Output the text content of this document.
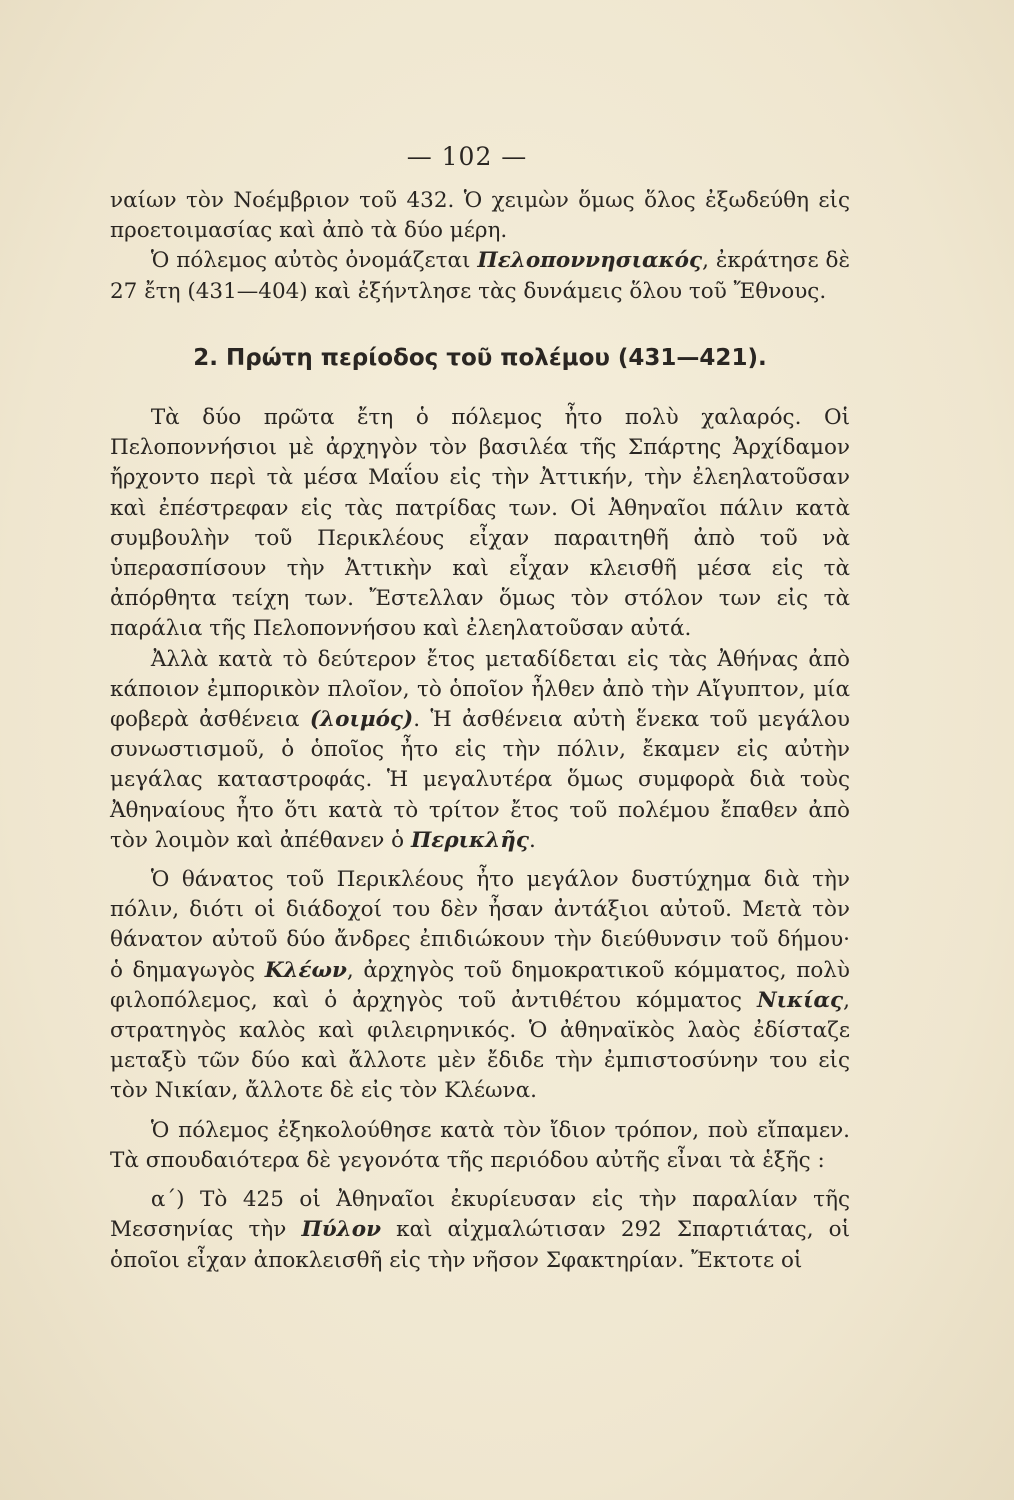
— 102 —

ναίων τὸν Νοέμβριον τοῦ 432. Ὁ χειμὼν ὅμως ὅλος ἐξωδεύθη εἰς προετοιμασίας καὶ ἀπὸ τὰ δύο μέρη.

Ὁ πόλεμος αὐτὸς ὀνομάζεται Πελοποννησιακός, ἐκράτησε δὲ 27 ἔτη (431—404) καὶ ἐξήντλησε τὰς δυνάμεις ὅλου τοῦ Ἔθνους.

2. Πρώτη περίοδος τοῦ πολέμου (431—421).

Τὰ δύο πρῶτα ἔτη ὁ πόλεμος ἦτο πολὺ χαλαρός. Οἱ Πελοποννήσιοι μὲ ἀρχηγὸν τὸν βασιλέα τῆς Σπάρτης Ἀρχίδαμον ἤρχοντο περὶ τὰ μέσα Μαΐου εἰς τὴν Ἀττικήν, τὴν ἐλεηλατοῦσαν καὶ ἐπέστρεφαν εἰς τὰς πατρίδας των. Οἱ Ἀθηναῖοι πάλιν κατὰ συμβουλὴν τοῦ Περικλέους εἶχαν παραιτηθῆ ἀπὸ τοῦ νὰ ὑπερασπίσουν τὴν Ἀττικὴν καὶ εἶχαν κλεισθῆ μέσα εἰς τὰ ἀπόρθητα τείχη των. Ἔστελλαν ὅμως τὸν στόλον των εἰς τὰ παράλια τῆς Πελοποννήσου καὶ ἐλεηλατοῦσαν αὐτά.

Ἀλλὰ κατὰ τὸ δεύτερον ἔτος μεταδίδεται εἰς τὰς Ἀθήνας ἀπὸ κάποιον ἐμπορικὸν πλοῖον, τὸ ὁποῖον ἦλθεν ἀπὸ τὴν Αἴγυπτον, μία φοβερὰ ἀσθένεια (λοιμός). Ἡ ἀσθένεια αὐτὴ ἕνεκα τοῦ μεγάλου συνωστισμοῦ, ὁ ὁποῖος ἦτο εἰς τὴν πόλιν, ἔκαμεν εἰς αὐτὴν μεγάλας καταστροφάς. Ἡ μεγαλυτέρα ὅμως συμφορὰ διὰ τοὺς Ἀθηναίους ἦτο ὅτι κατὰ τὸ τρίτον ἔτος τοῦ πολέμου ἔπαθεν ἀπὸ τὸν λοιμὸν καὶ ἀπέθανεν ὁ Περικλῆς.

Ὁ θάνατος τοῦ Περικλέους ἦτο μεγάλον δυστύχημα διὰ τὴν πόλιν, διότι οἱ διάδοχοί του δὲν ἦσαν ἀντάξιοι αὐτοῦ. Μετὰ τὸν θάνατον αὐτοῦ δύο ἄνδρες ἐπιδιώκουν τὴν διεύθυνσιν τοῦ δήμου· ὁ δημαγωγὸς Κλέων, ἀρχηγὸς τοῦ δημοκρατικοῦ κόμματος, πολὺ φιλοπόλεμος, καὶ ὁ ἀρχηγὸς τοῦ ἀντιθέτου κόμματος Νικίας, στρατηγὸς καλὸς καὶ φιλειρηνικός. Ὁ ἀθηναϊκὸς λαὸς ἐδίσταζε μεταξὺ τῶν δύο καὶ ἄλλοτε μὲν ἔδιδε τὴν ἐμπιστοσύνην του εἰς τὸν Νικίαν, ἄλλοτε δὲ εἰς τὸν Κλέωνα.

Ὁ πόλεμος ἐξηκολούθησε κατὰ τὸν ἴδιον τρόπον, ποὺ εἴπαμεν. Τὰ σπουδαιότερα δὲ γεγονότα τῆς περιόδου αὐτῆς εἶναι τὰ ἑξῆς :

α΄) Τὸ 425 οἱ Ἀθηναῖοι ἐκυρίευσαν εἰς τὴν παραλίαν τῆς Μεσσηνίας τὴν Πύλον καὶ αἰχμαλώτισαν 292 Σπαρτιάτας, οἱ ὁποῖοι εἶχαν ἀποκλεισθῆ εἰς τὴν νῆσον Σφακτηρίαν. Ἔκτοτε οἱ
